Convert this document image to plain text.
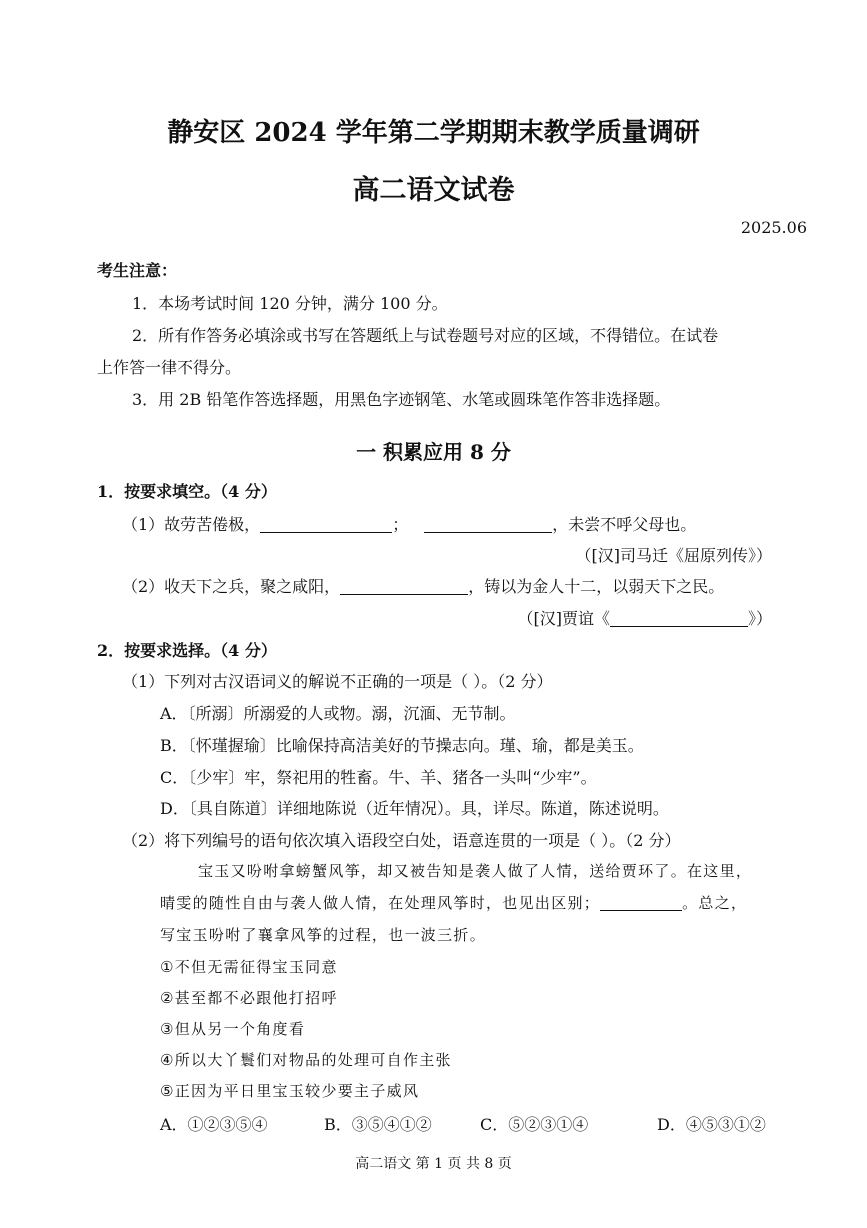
静安区 2024 学年第二学期期末教学质量调研
高二语文试卷
2025.06
考生注意：
1．本场考试时间 120 分钟，满分 100 分。
2．所有作答务必填涂或书写在答题纸上与试卷题号对应的区域，不得错位。在试卷
上作答一律不得分。
3．用 2B 铅笔作答选择题，用黑色字迹钢笔、水笔或圆珠笔作答非选择题。
一 积累应用 8 分
1．按要求填空。（4 分）
（1）故劳苦倦极，	；	，未尝不呼父母也。
（[汉]司马迁《屈原列传》）
（2）收天下之兵，聚之咸阳，	，铸以为金人十二，以弱天下之民。
（[汉]贾谊《	》）
2．按要求选择。（4 分）
（1）下列对古汉语词义的解说不正确的一项是（ ）。（2 分）
A．〔所溺〕所溺爱的人或物。溺，沉湎、无节制。
B．〔怀瑾握瑜〕比喻保持高洁美好的节操志向。瑾、瑜，都是美玉。
C．〔少牢〕牢，祭祀用的牲畜。牛、羊、猪各一头叫“少牢”。
D．〔具自陈道〕详细地陈说（近年情况）。具，详尽。陈道，陈述说明。
（2）将下列编号的语句依次填入语段空白处，语意连贯的一项是（ ）。（2 分）
宝玉又吩咐拿螃蟹风筝，却又被告知是袭人做了人情，送给贾环了。在这里，
晴雯的随性自由与袭人做人情，在处理风筝时，也见出区别；	。总之，
写宝玉吩咐了襄拿风筝的过程，也一波三折。
①不但无需征得宝玉同意
②甚至都不必跟他打招呼
③但从另一个角度看
④所以大丫鬟们对物品的处理可自作主张
⑤正因为平日里宝玉较少要主子威风
A．①②③⑤④	B．③⑤④①②	C．⑤②③①④	D．④⑤③①②
高二语文 第 1 页 共 8 页
